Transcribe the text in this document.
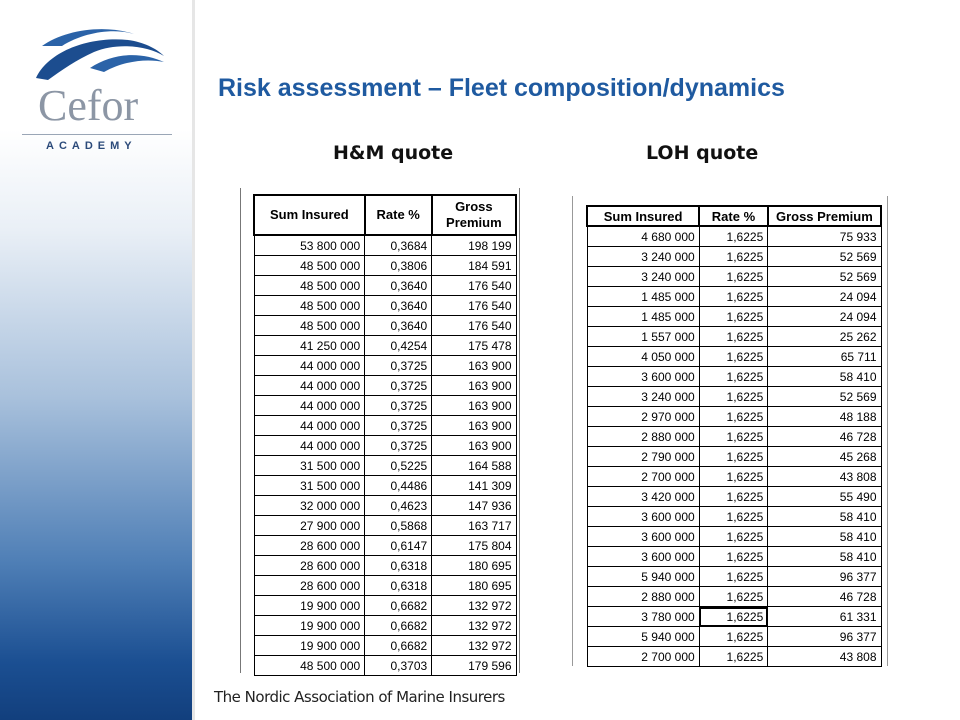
Cefor
ACADEMY
Risk assessment – Fleet composition/dynamics
H&M quote	LOH quote
Sum Insured	Rate %	Gross Premium
53 800 000	0,3684	198 199
48 500 000	0,3806	184 591
48 500 000	0,3640	176 540
48 500 000	0,3640	176 540
48 500 000	0,3640	176 540
41 250 000	0,4254	175 478
44 000 000	0,3725	163 900
44 000 000	0,3725	163 900
44 000 000	0,3725	163 900
44 000 000	0,3725	163 900
44 000 000	0,3725	163 900
31 500 000	0,5225	164 588
31 500 000	0,4486	141 309
32 000 000	0,4623	147 936
27 900 000	0,5868	163 717
28 600 000	0,6147	175 804
28 600 000	0,6318	180 695
28 600 000	0,6318	180 695
19 900 000	0,6682	132 972
19 900 000	0,6682	132 972
19 900 000	0,6682	132 972
48 500 000	0,3703	179 596
Sum Insured	Rate %	Gross Premium
4 680 000	1,6225	75 933
3 240 000	1,6225	52 569
3 240 000	1,6225	52 569
1 485 000	1,6225	24 094
1 485 000	1,6225	24 094
1 557 000	1,6225	25 262
4 050 000	1,6225	65 711
3 600 000	1,6225	58 410
3 240 000	1,6225	52 569
2 970 000	1,6225	48 188
2 880 000	1,6225	46 728
2 790 000	1,6225	45 268
2 700 000	1,6225	43 808
3 420 000	1,6225	55 490
3 600 000	1,6225	58 410
3 600 000	1,6225	58 410
3 600 000	1,6225	58 410
5 940 000	1,6225	96 377
2 880 000	1,6225	46 728
3 780 000	1,6225	61 331
5 940 000	1,6225	96 377
2 700 000	1,6225	43 808
The Nordic Association of Marine Insurers
